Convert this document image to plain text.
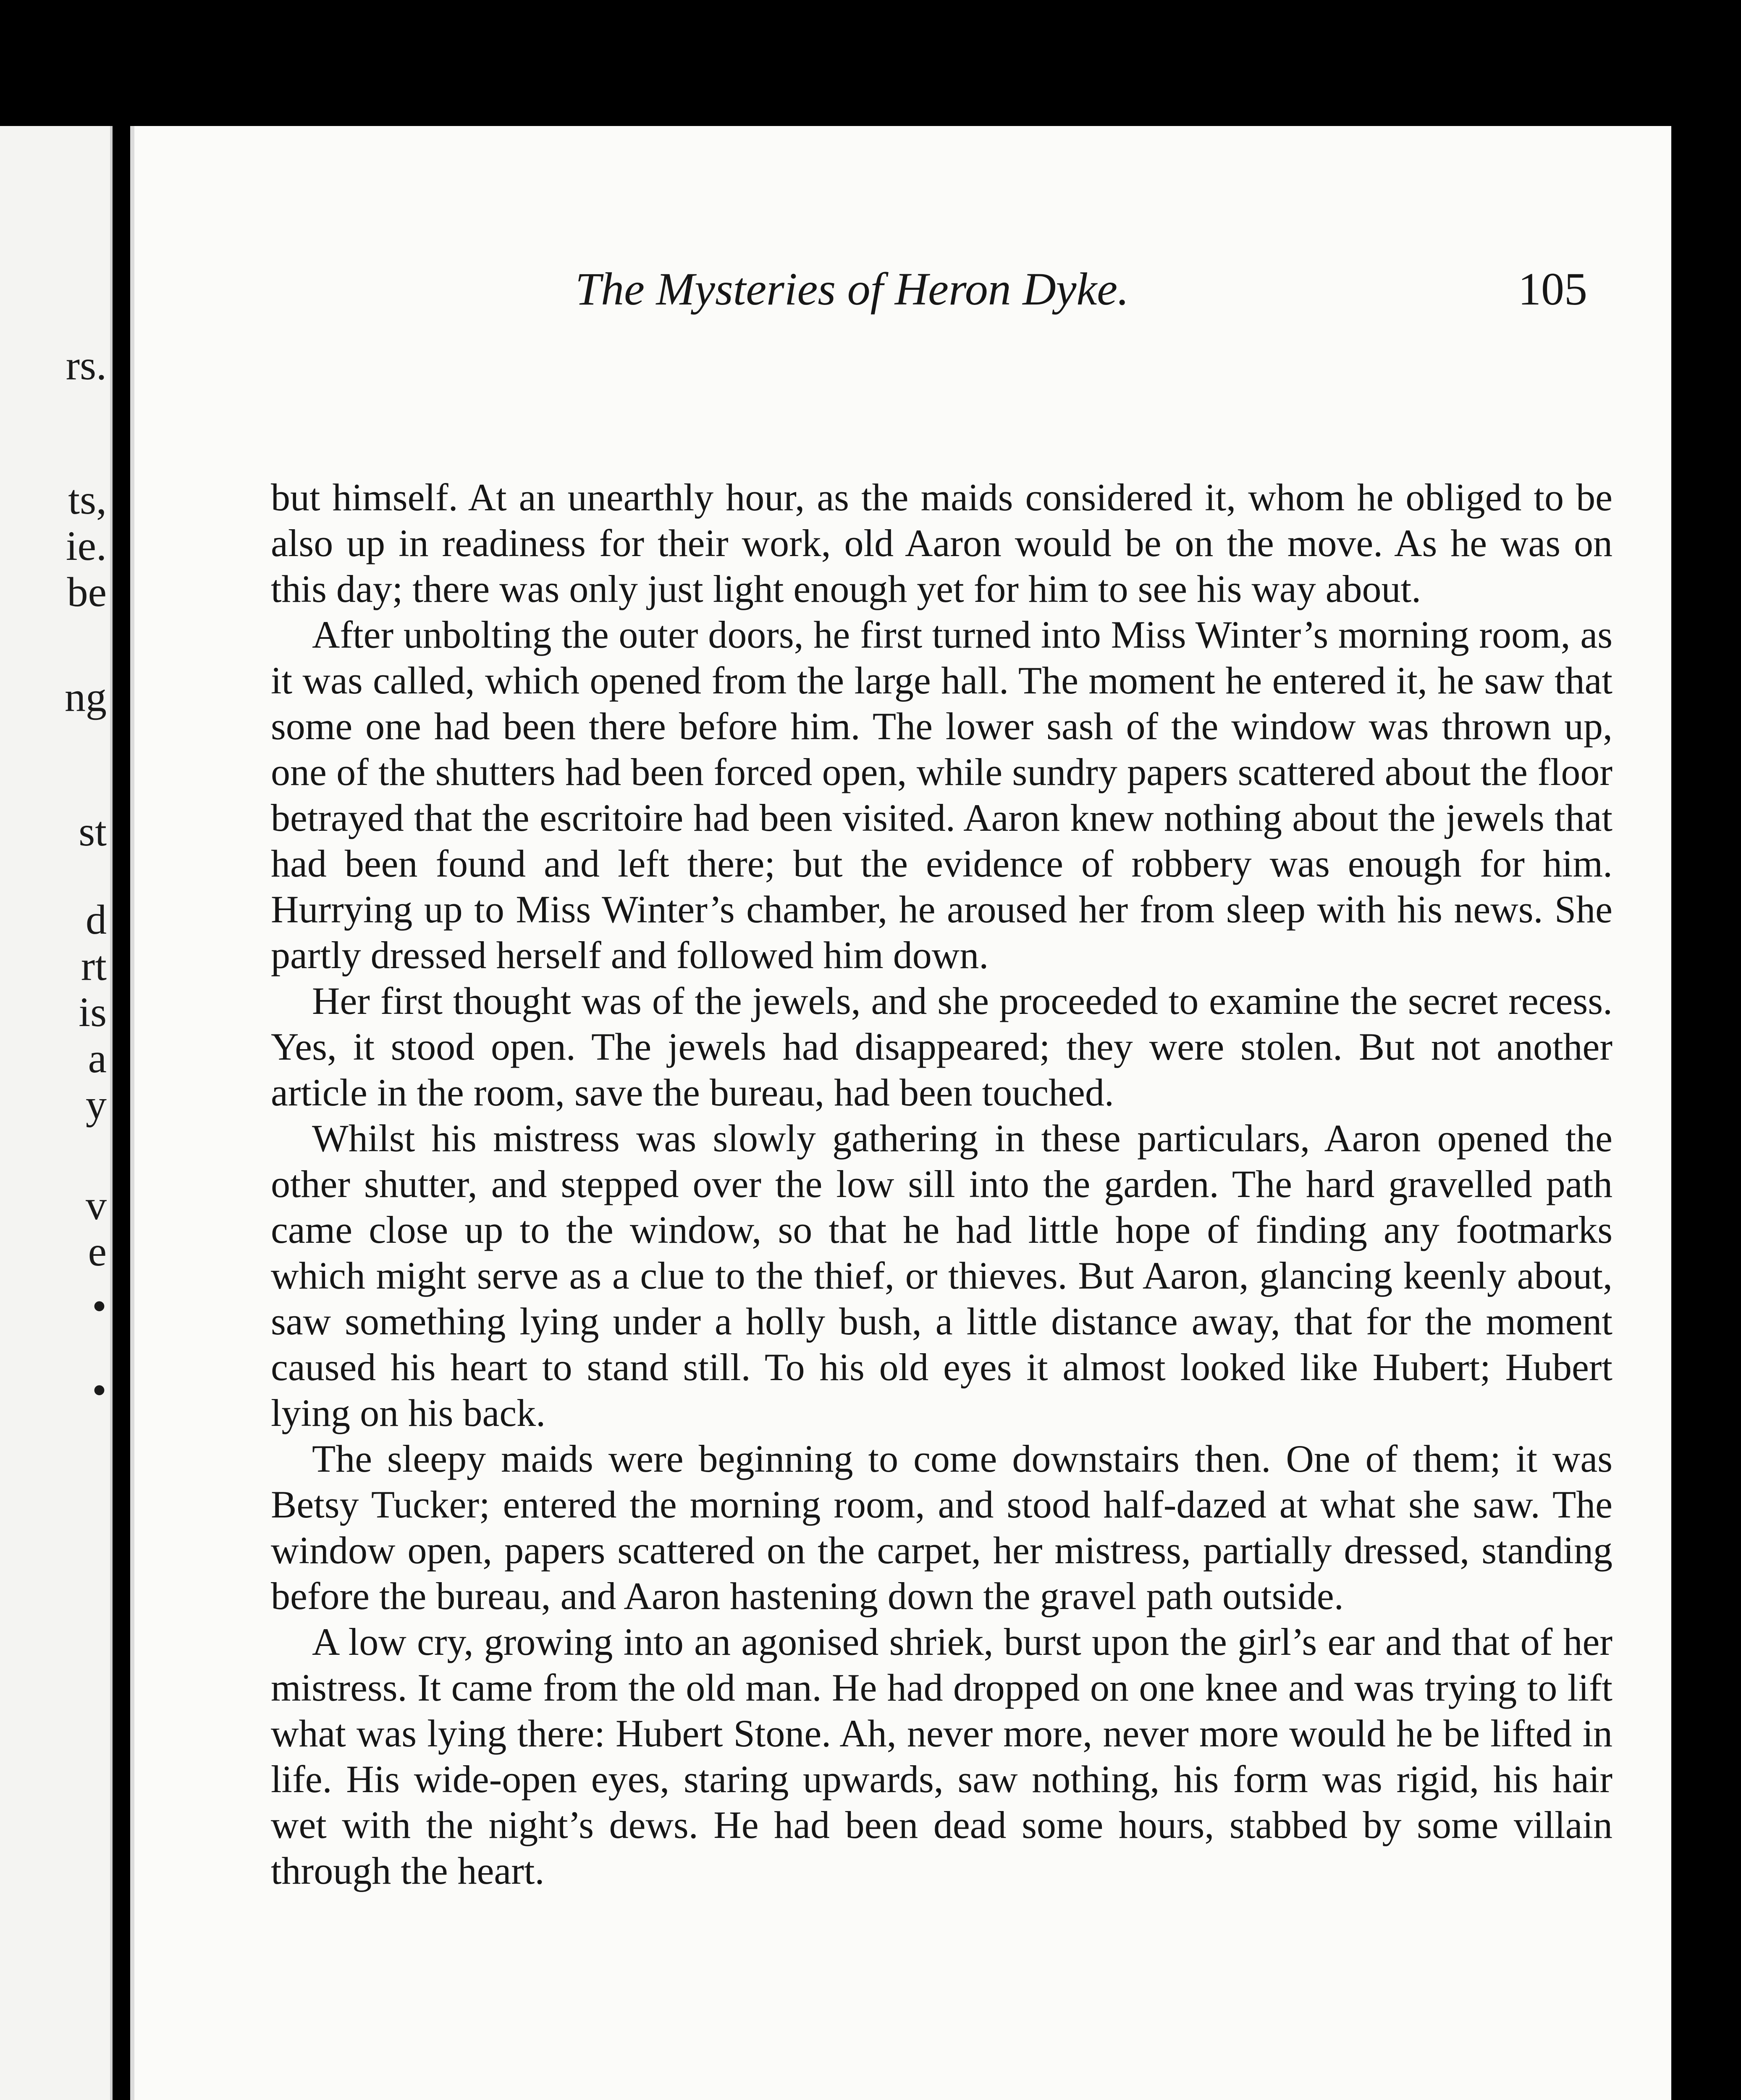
rs.
ts,
ie.
be
ng
st
d
rt
is
a
y
v
e
•
•
The Mysteries of Heron Dyke.	105

but himself. At an unearthly hour, as the maids considered it, whom he obliged to be also up in readiness for their work, old Aaron would be on the move. As he was on this day; there was only just light enough yet for him to see his way about.

After unbolting the outer doors, he first turned into Miss Winter’s morning room, as it was called, which opened from the large hall. The moment he entered it, he saw that some one had been there before him. The lower sash of the window was thrown up, one of the shutters had been forced open, while sundry papers scattered about the floor betrayed that the escritoire had been visited. Aaron knew nothing about the jewels that had been found and left there; but the evidence of robbery was enough for him. Hurrying up to Miss Winter’s chamber, he aroused her from sleep with his news. She partly dressed herself and followed him down.

Her first thought was of the jewels, and she proceeded to examine the secret recess. Yes, it stood open. The jewels had disappeared; they were stolen. But not another article in the room, save the bureau, had been touched.

Whilst his mistress was slowly gathering in these particulars, Aaron opened the other shutter, and stepped over the low sill into the garden. The hard gravelled path came close up to the window, so that he had little hope of finding any footmarks which might serve as a clue to the thief, or thieves. But Aaron, glancing keenly about, saw something lying under a holly bush, a little distance away, that for the moment caused his heart to stand still. To his old eyes it almost looked like Hubert; Hubert lying on his back.

The sleepy maids were beginning to come downstairs then. One of them; it was Betsy Tucker; entered the morning room, and stood half-dazed at what she saw. The window open, papers scattered on the carpet, her mistress, partially dressed, standing before the bureau, and Aaron hastening down the gravel path outside.

A low cry, growing into an agonised shriek, burst upon the girl’s ear and that of her mistress. It came from the old man. He had dropped on one knee and was trying to lift what was lying there: Hubert Stone. Ah, never more, never more would he be lifted in life. His wide-open eyes, staring upwards, saw nothing, his form was rigid, his hair wet with the night’s dews. He had been dead some hours, stabbed by some villain through the heart.
